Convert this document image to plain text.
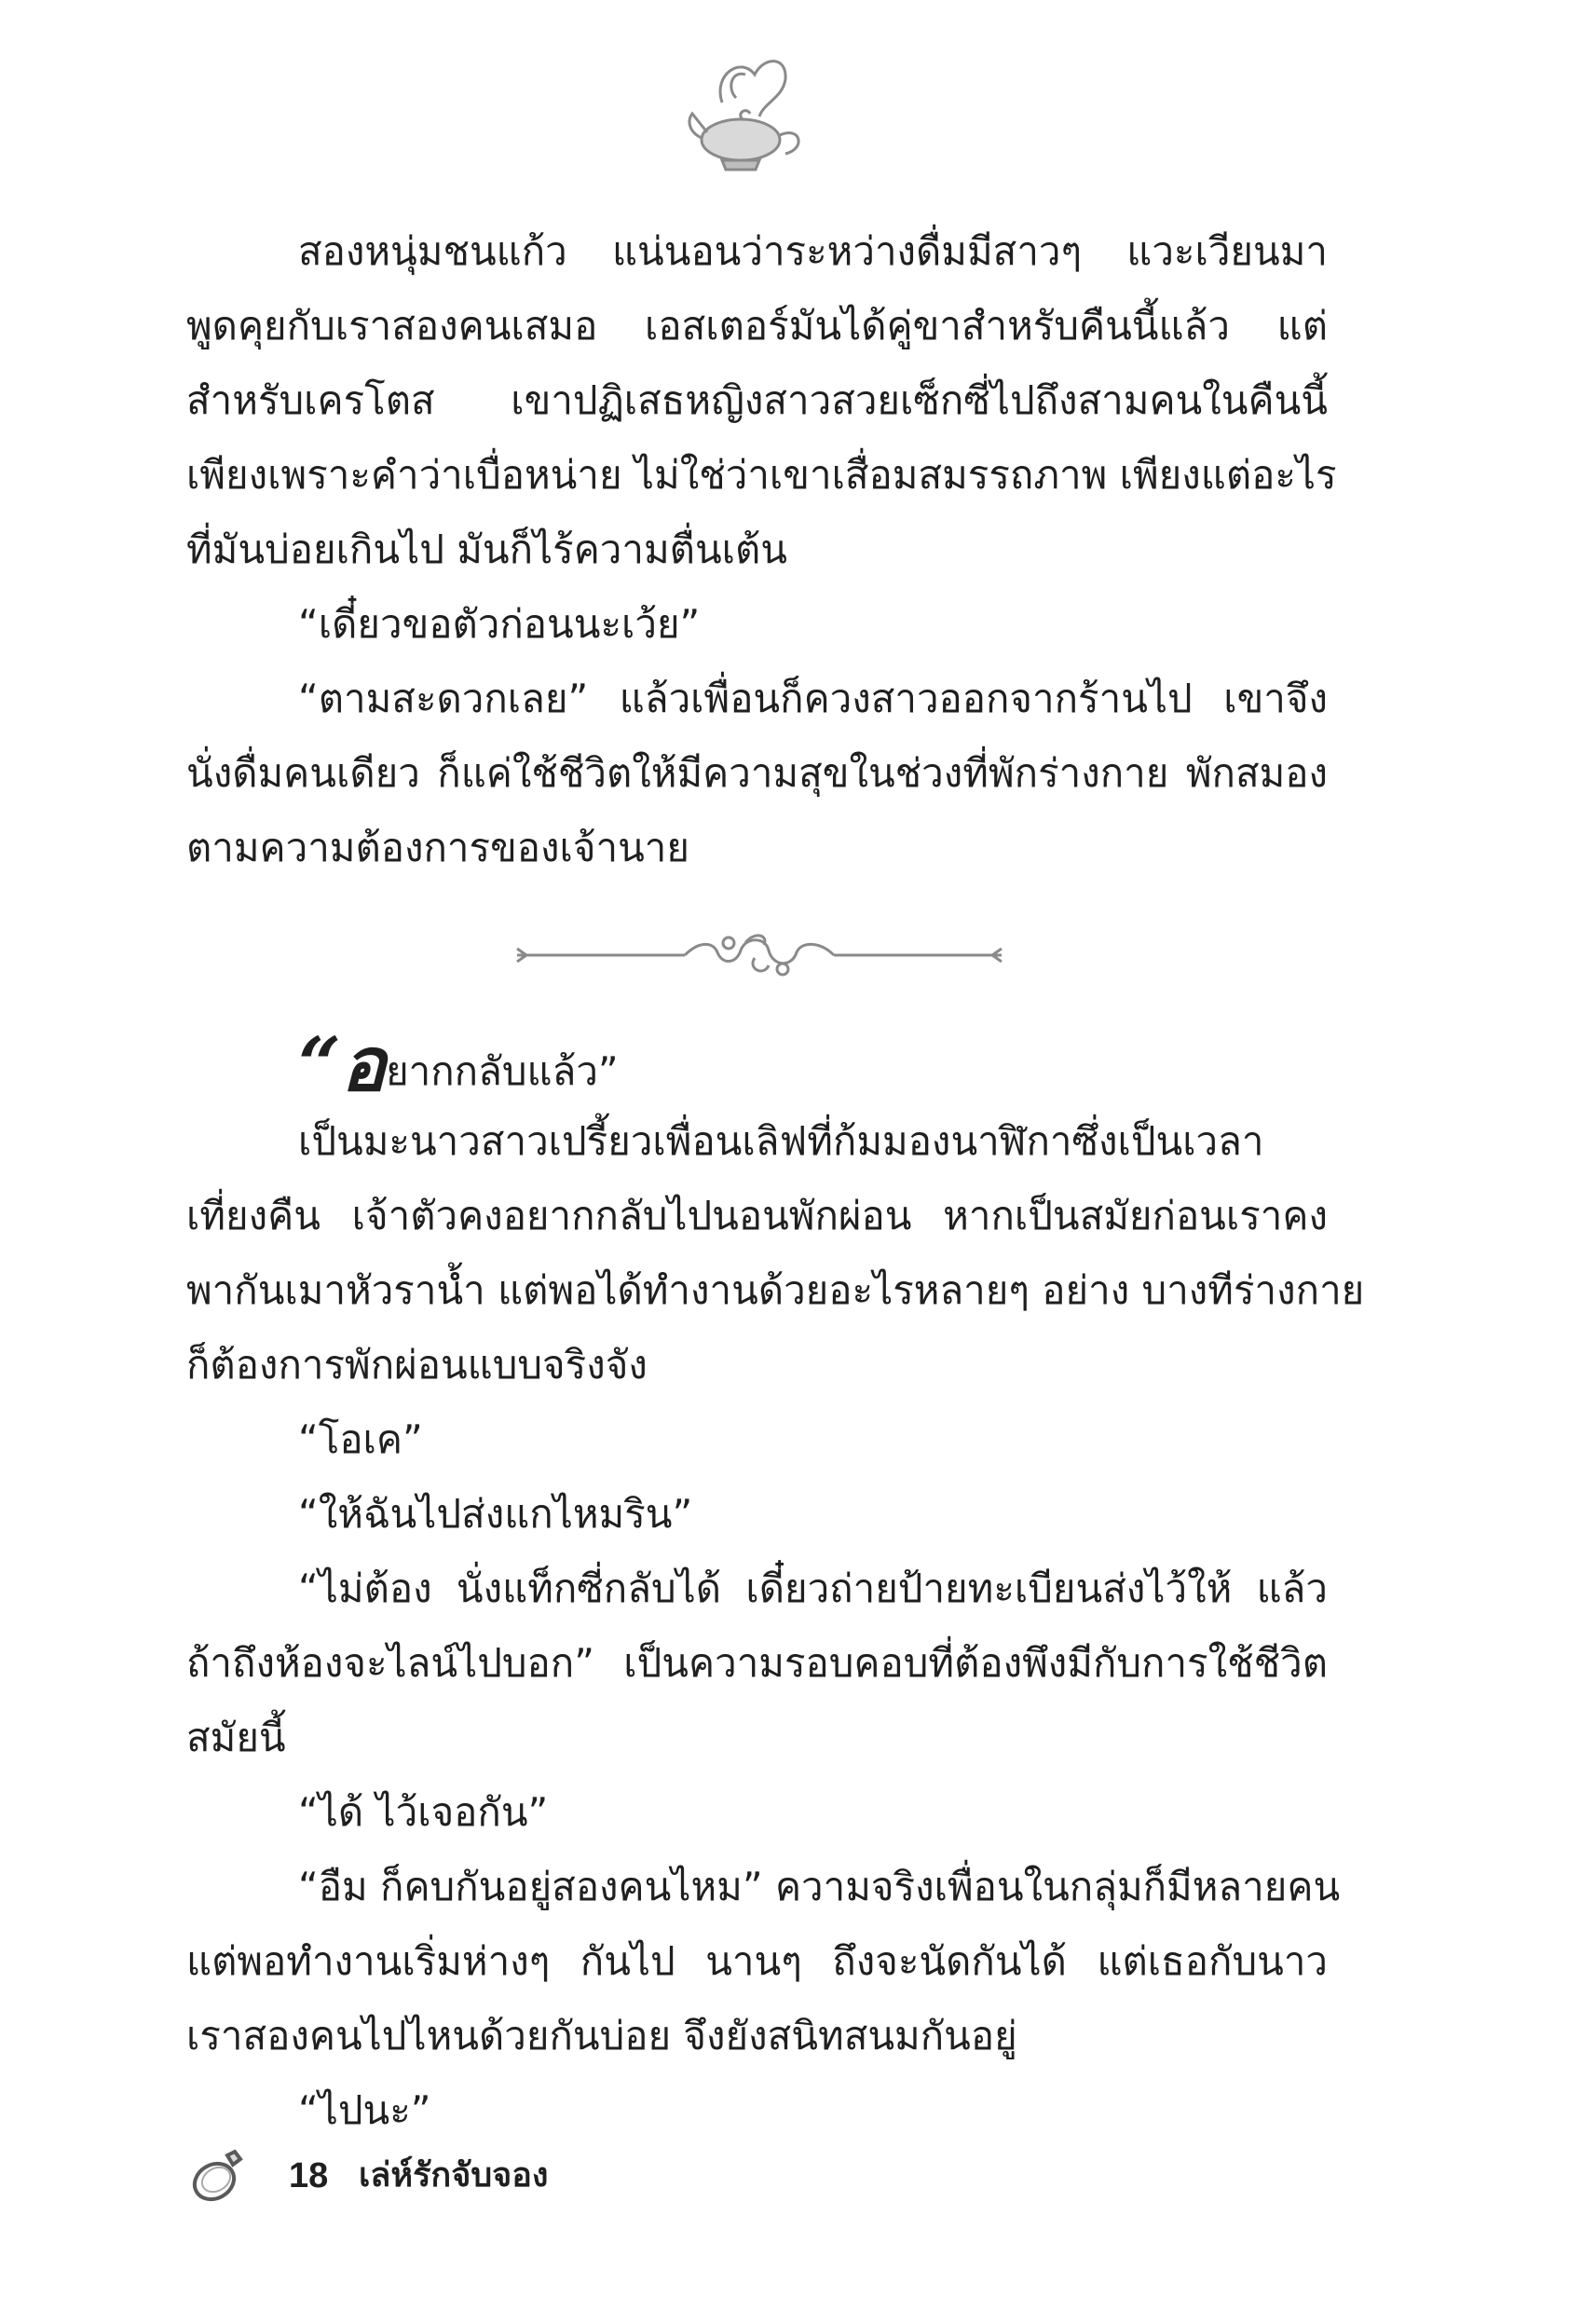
สองหนุ่มชนแก้ว แน่นอนว่าระหว่างดื่มมีสาวๆ แวะเวียนมา

พูดคุยกับเราสองคนเสมอ เอสเตอร์มันได้คู่ขาสำหรับคืนนี้แล้ว แต่

สำหรับเครโตส เขาปฏิเสธหญิงสาวสวยเซ็กซี่ไปถึงสามคนในคืนนี้

เพียงเพราะคำว่าเบื่อหน่าย ไม่ใช่ว่าเขาเสื่อมสมรรถภาพ เพียงแต่อะไร

ที่มันบ่อยเกินไป มันก็ไร้ความตื่นเต้น

“เดี๋ยวขอตัวก่อนนะเว้ย”

“ตามสะดวกเลย” แล้วเพื่อนก็ควงสาวออกจากร้านไป เขาจึง

นั่งดื่มคนเดียว ก็แค่ใช้ชีวิตให้มีความสุขในช่วงที่พักร่างกาย พักสมอง

ตามความต้องการของเจ้านาย

“อยากกลับแล้ว”

เป็นมะนาวสาวเปรี้ยวเพื่อนเลิฟที่ก้มมองนาฬิกาซึ่งเป็นเวลา

เที่ยงคืน เจ้าตัวคงอยากกลับไปนอนพักผ่อน หากเป็นสมัยก่อนเราคง

พากันเมาหัวราน้ำ แต่พอได้ทำงานด้วยอะไรหลายๆ อย่าง บางทีร่างกาย

ก็ต้องการพักผ่อนแบบจริงจัง

“โอเค”

“ให้ฉันไปส่งแกไหมริน”

“ไม่ต้อง นั่งแท็กซี่กลับได้ เดี๋ยวถ่ายป้ายทะเบียนส่งไว้ให้ แล้ว

ถ้าถึงห้องจะไลน์ไปบอก” เป็นความรอบคอบที่ต้องพึงมีกับการใช้ชีวิต

สมัยนี้

“ได้ ไว้เจอกัน”

“อืม ก็คบกันอยู่สองคนไหม” ความจริงเพื่อนในกลุ่มก็มีหลายคน

แต่พอทำงานเริ่มห่างๆ กันไป นานๆ ถึงจะนัดกันได้ แต่เธอกับนาว

เราสองคนไปไหนด้วยกันบ่อย จึงยังสนิทสนมกันอยู่

“ไปนะ”

18 เล่ห์รักจับจอง
